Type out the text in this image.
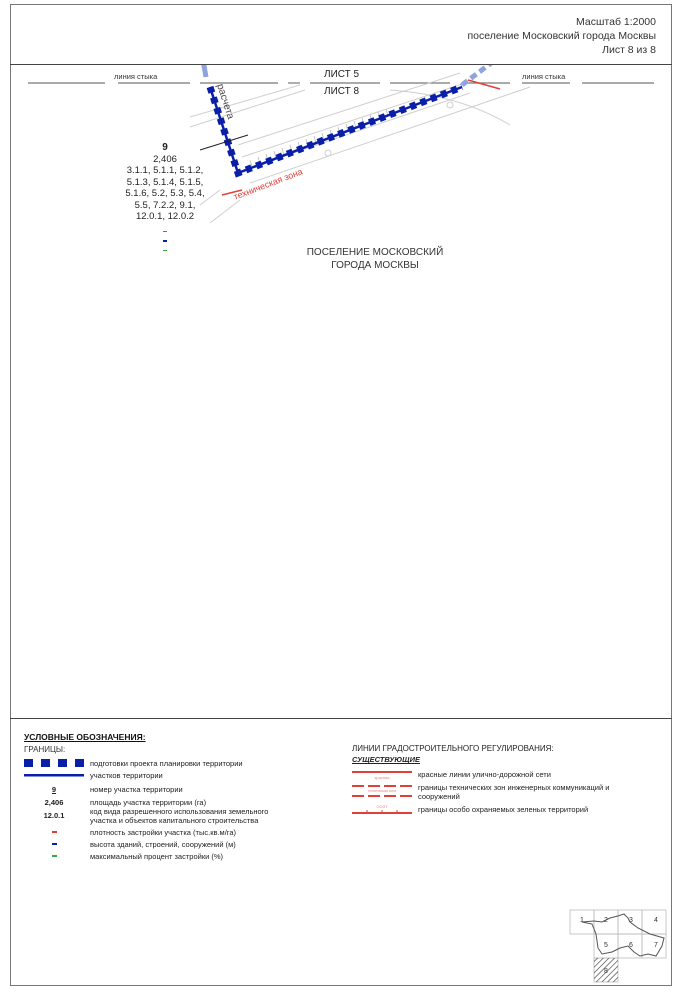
Масштаб 1:2000
поселение Московский города Москвы
Лист 8 из 8
расчета
техническая зона
линия стыка	линия стыка
ЛИСТ 5
ЛИСТ 8
ПОСЕЛЕНИЕ МОСКОВСКИЙ
ГОРОДА МОСКВЫ
9
2,406
3.1.1, 5.1.1, 5.1.2,
5.1.3, 5.1.4, 5.1.5,
5.1.6, 5.2, 5.3, 5.4,
5.5, 7.2.2, 9.1,
12.0.1, 12.0.2
УСЛОВНЫЕ ОБОЗНАЧЕНИЯ:
ГРАНИЦЫ:
подготовки проекта планировки территории
участков территории
9	номер участка территории
2,406	площадь участка территории (га)
12.0.1	код вида разрешенного использования земельного
участка и объектов капитального строительства
плотность застройки участка (тыс.кв.м/га)
высота зданий, строений, сооружений (м)
максимальный процент застройки (%)
ЛИНИИ ГРАДОСТРОИТЕЛЬНОГО РЕГУЛИРОВАНИЯ:
СУЩЕСТВУЮЩИЕ
красная	красные линии улично-дорожной сети
техническая зона	границы технических зон инженерных коммуникаций и
сооружений
ООЗТ	границы особо охраняемых зеленых территорий
1	2	3	4
5	6	7
8
